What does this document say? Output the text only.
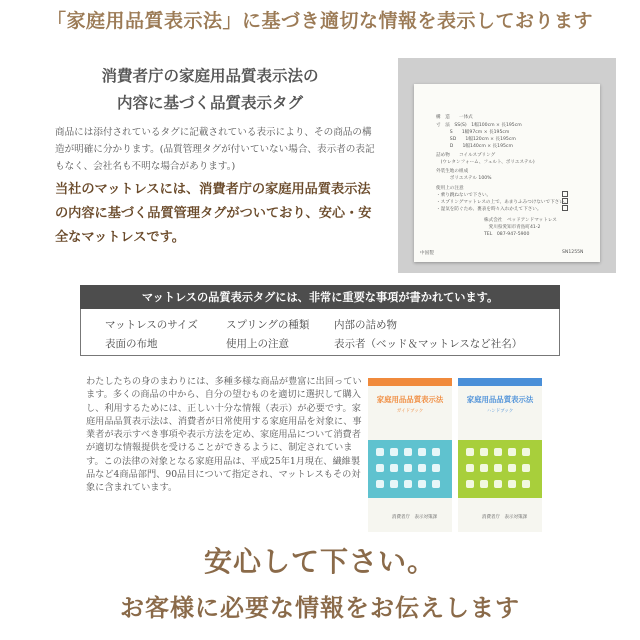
「家庭用品質表示法」に基づき適切な情報を表示しております
消費者庁の家庭用品質表示法の
内容に基づく品質表示タグ
商品には添付されているタグに記載されている表示により、その商品の構造が明確に分かります。(品質管理タグが付いていない場合、表示者の表記もなく、会社名も不明な場合があります。)
当社のマットレスには、消費者庁の家庭用品質表示法の内容に基づく品質管理タグがついており、安心・安全なマットレスです。
構　造　　一体式
寸　法　SS(S)　1幅100cm × 長195cm
　　　S　　1幅97cm × 長195cm
　　　SD　　1幅120cm × 長195cm
　　　D　　1幅140cm × 長195cm
詰め物　　コイルスプリング
　(ウレタンフォーム、フェルト、ポリエステル)
外装生地の組成
　　　ポリエステル 100%
使用上の注意
・乗り跳ねないで下さい。
・スプリングマットレスの上で、あまりふみつけないで下さい。
・湿気を防ぐため、裏表を時々入れかえて下さい。
株式会社　ベッドアンドマットレス
　愛川県愛知市青島町41-2
TEL　087-947-5900
中国製	SN1255N
マットレスの品質表示タグには、非常に重要な事項が書かれています。
マットレスのサイズ	スプリングの種類 内部の詰め物
表面の布地	使用上の注意	表示者（ベッド＆マットレスなど社名）
わたしたちの身のまわりには、多種多様な商品が豊富に出回っています。多くの商品の中から、自分の望むものを適切に選択して購入し、利用するためには、正しい十分な情報（表示）が必要です。家庭用品品質表示法は、消費者が日常使用する家庭用品を対象に、事業者が表示すべき事項や表示方法を定め、家庭用品について消費者が適切な情報提供を受けることができるように、制定されています。この法律の対象となる家庭用品は、平成25年1月現在、繊維製品など4商品部門、90品目について指定され、マットレスもその対象に含まれています。
家庭用品品質表示法
ガイドブック
消費者庁　表示対策課
家庭用品品質表示法
ハンドブック
消費者庁　表示対策課
安心して下さい。
お客様に必要な情報をお伝えします
